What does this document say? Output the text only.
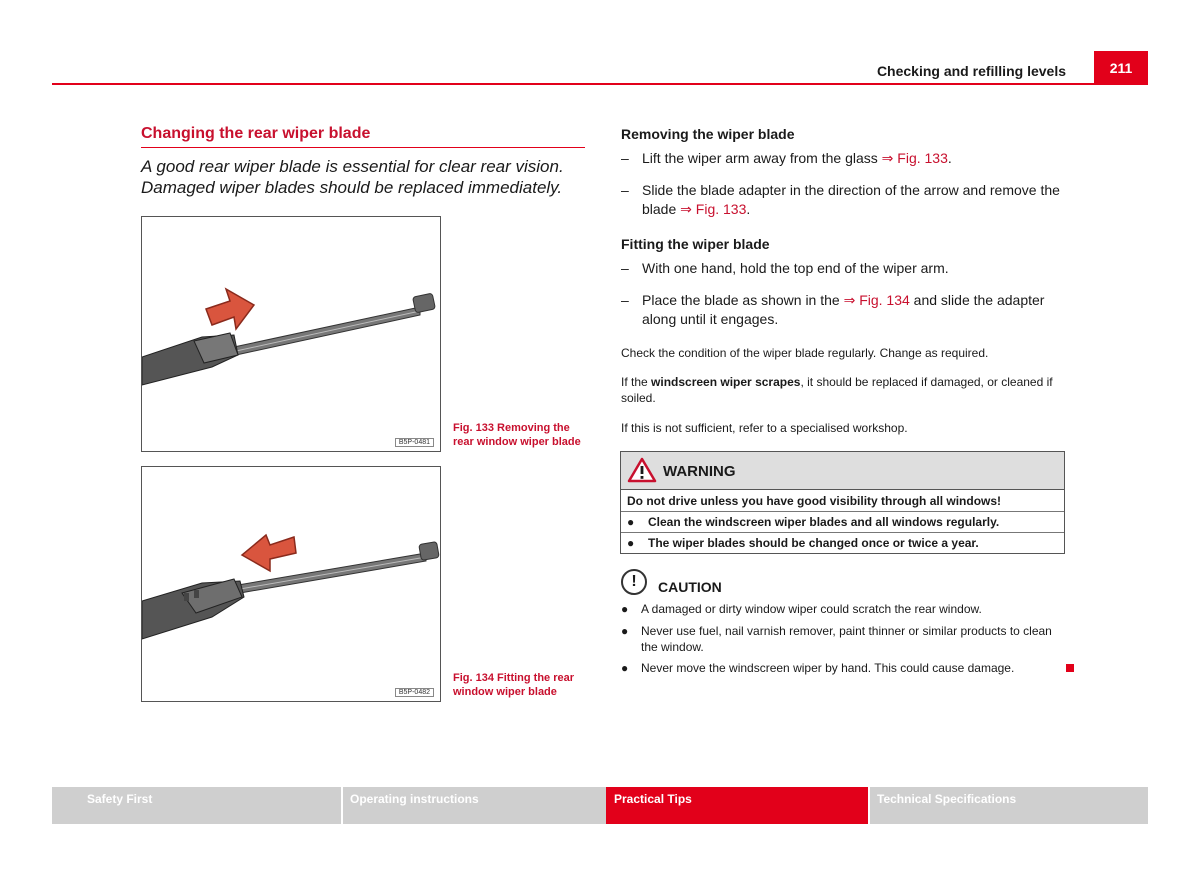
Checking and refilling levels	211
Changing the rear wiper blade
A good rear wiper blade is essential for clear rear vision. Damaged wiper blades should be replaced immediately.
B5P-0481
Fig. 133 Removing the rear window wiper blade
B5P-0482
Fig. 134 Fitting the rear window wiper blade
Removing the wiper blade
– Lift the wiper arm away from the glass ⇒ Fig. 133.
– Slide the blade adapter in the direction of the arrow and remove the blade ⇒ Fig. 133.
Fitting the wiper blade
– With one hand, hold the top end of the wiper arm.
– Place the blade as shown in the ⇒ Fig. 134 and slide the adapter along until it engages.
Check the condition of the wiper blade regularly. Change as required.
If the windscreen wiper scrapes, it should be replaced if damaged, or cleaned if soiled.
If this is not sufficient, refer to a specialised workshop.
WARNING
Do not drive unless you have good visibility through all windows!
● Clean the windscreen wiper blades and all windows regularly.
● The wiper blades should be changed once or twice a year.
!	CAUTION
● A damaged or dirty window wiper could scratch the rear window.
● Never use fuel, nail varnish remover, paint thinner or similar products to clean the window.
● Never move the windscreen wiper by hand. This could cause damage.
Safety First	Operating instructions	Practical Tips	Technical Specifications
